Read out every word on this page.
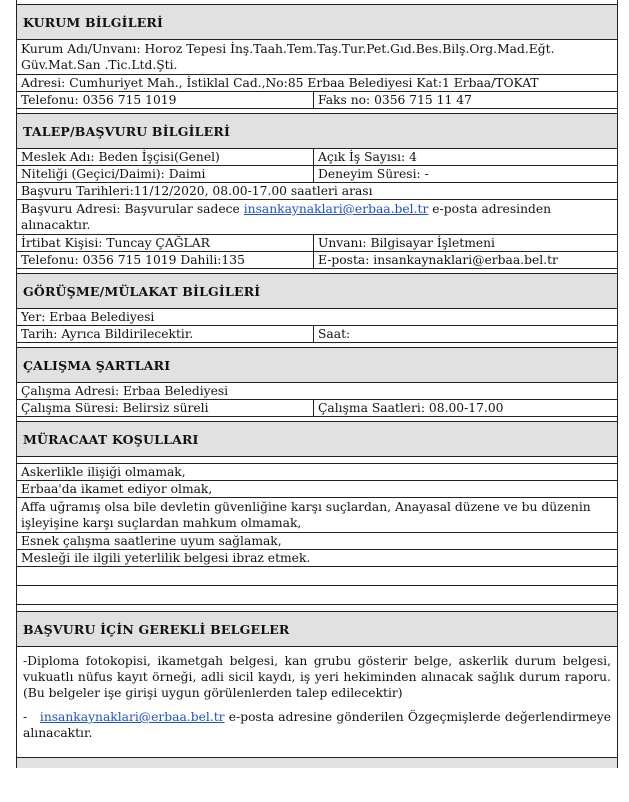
KURUM BİLGİLERİ
Kurum Adı/Unvanı: Horoz Tepesi İnş.Taah.Tem.Taş.Tur.Pet.Gıd.Bes.Bilş.Org.Mad.Eğt. Güv.Mat.San .Tic.Ltd.Şti.
Adresi: Cumhuriyet Mah., İstiklal Cad.,No:85 Erbaa Belediyesi Kat:1 Erbaa/TOKAT
Telefonu: 0356 715 1019	Faks no: 0356 715 11 47
TALEP/BAŞVURU BİLGİLERİ
Meslek Adı: Beden İşçisi(Genel)	Açık İş Sayısı: 4
Niteliği (Geçici/Daimi): Daimi	Deneyim Süresi: -
Başvuru Tarihleri:11/12/2020, 08.00-17.00 saatleri arası
Başvuru Adresi: Başvurular sadece insankaynaklari@erbaa.bel.tr e-posta adresinden alınacaktır.
İrtibat Kişisi: Tuncay ÇAĞLAR	Unvanı: Bilgisayar İşletmeni
Telefonu: 0356 715 1019 Dahili:135	E-posta: insankaynaklari@erbaa.bel.tr
GÖRÜŞME/MÜLAKAT BİLGİLERİ
Yer: Erbaa Belediyesi
Tarih: Ayrıca Bildirilecektir.	Saat:
ÇALIŞMA ŞARTLARI
Çalışma Adresi: Erbaa Belediyesi
Çalışma Süresi: Belirsiz süreli	Çalışma Saatleri: 08.00-17.00
MÜRACAAT KOŞULLARI
Askerlikle ilişiği olmamak,
Erbaa'da ikamet ediyor olmak,
Affa uğramış olsa bile devletin güvenliğine karşı suçlardan, Anayasal düzene ve bu düzenin işleyişine karşı suçlardan mahkum olmamak,
Esnek çalışma saatlerine uyum sağlamak,
Mesleği ile ilgili yeterlilik belgesi ibraz etmek.
BAŞVURU İÇİN GEREKLİ BELGELER
-Diploma fotokopisi, ikametgah belgesi, kan grubu gösterir belge, askerlik durum belgesi, vukuatlı nüfus kayıt örneği, adli sicil kaydı, iş yeri hekiminden alınacak sağlık durum raporu.(Bu belgeler işe girişi uygun görülenlerden talep edilecektir)
-   insankaynaklari@erbaa.bel.tr e-posta adresine gönderilen Özgeçmişlerde değerlendirmeye alınacaktır.
